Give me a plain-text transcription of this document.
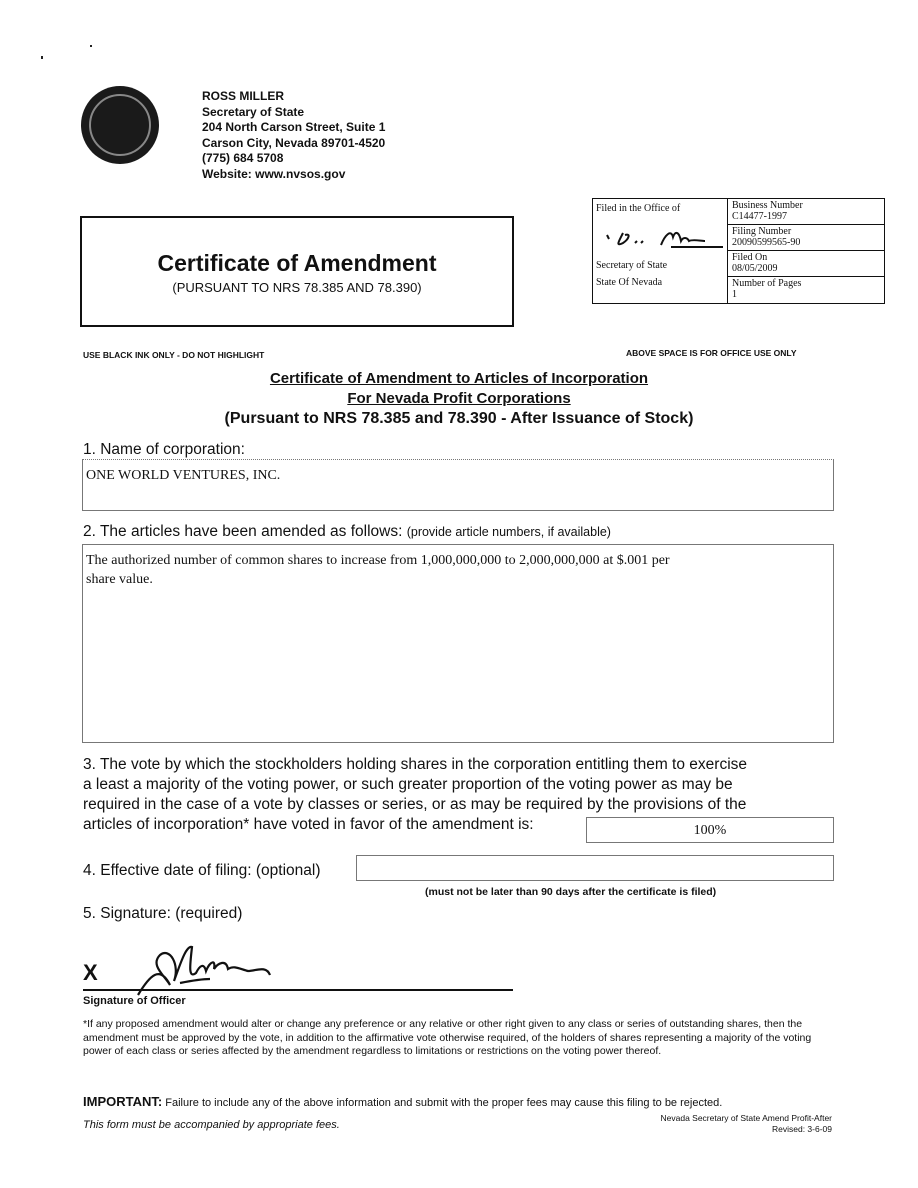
ROSS MILLER
Secretary of State
204 North Carson Street, Suite 1
Carson City, Nevada 89701-4520
(775) 684 5708
Website: www.nvsos.gov
Certificate of Amendment
(PURSUANT TO NRS 78.385 AND 78.390)
Filed in the Office of
Secretary of State
State Of Nevada
Business Number
C14477-1997
Filing Number
20090599565-90
Filed On
08/05/2009
Number of Pages
1
USE BLACK INK ONLY - DO NOT HIGHLIGHT	ABOVE SPACE IS FOR OFFICE USE ONLY
Certificate of Amendment to Articles of Incorporation
For Nevada Profit Corporations
(Pursuant to NRS 78.385 and 78.390 - After Issuance of Stock)
1. Name of corporation:
ONE WORLD VENTURES, INC.
2. The articles have been amended as follows: (provide article numbers, if available)
The authorized number of common shares to increase from 1,000,000,000 to 2,000,000,000 at $.001 per
share value.
3. The vote by which the stockholders holding shares in the corporation entitling them to exercise
a least a majority of the voting power, or such greater proportion of the voting power as may be
required in the case of a vote by classes or series, or as may be required by the provisions of the
articles of incorporation* have voted in favor of the amendment is:	100%
4. Effective date of filing: (optional)
(must not be later than 90 days after the certificate is filed)
5. Signature: (required)
X
Signature of Officer
*If any proposed amendment would alter or change any preference or any relative or other right given to any class or series of outstanding shares, then the amendment must be approved by the vote, in addition to the affirmative vote otherwise required, of the holders of shares representing a majority of the voting power of each class or series affected by the amendment regardless to limitations or restrictions on the voting power thereof.
IMPORTANT: Failure to include any of the above information and submit with the proper fees may cause this filing to be rejected.
This form must be accompanied by appropriate fees.
Nevada Secretary of State Amend Profit-After
Revised: 3-6-09
